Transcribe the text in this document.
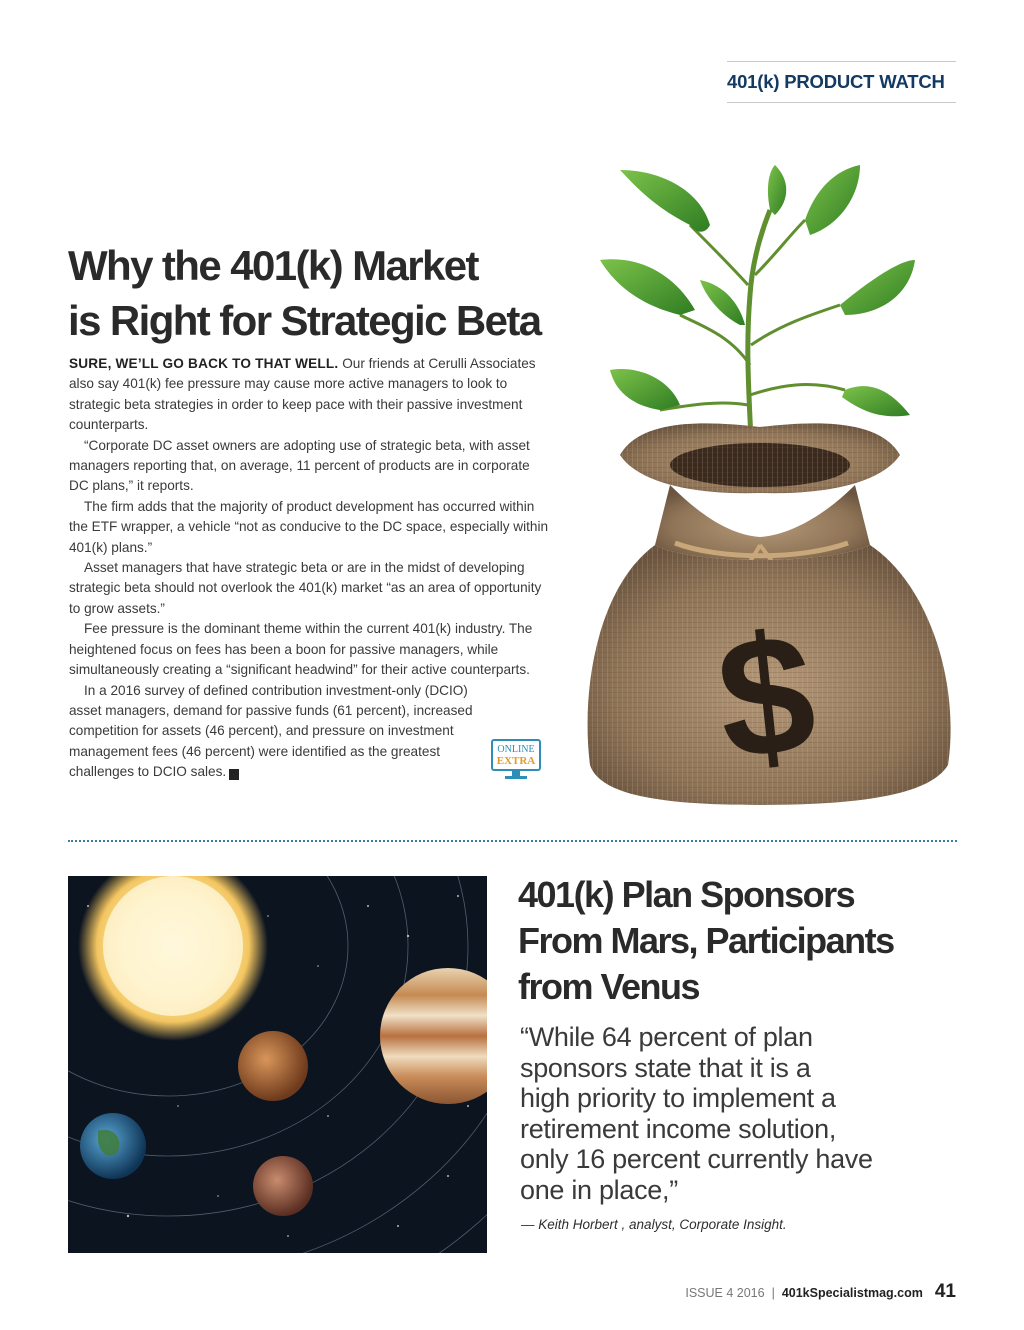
401(k) PRODUCT WATCH
Why the 401(k) Market
is Right for Strategic Beta

SURE, WE’LL GO BACK TO THAT WELL. Our friends at Cerulli Associates also say 401(k) fee pressure may cause more active managers to look to strategic beta strategies in order to keep pace with their passive investment counterparts.

“Corporate DC asset owners are adopting use of strategic beta, with asset managers reporting that, on average, 11 percent of products are in corporate DC plans,” it reports.

The firm adds that the majority of product development has occurred within the ETF wrapper, a vehicle “not as conducive to the DC space, especially within 401(k) plans.”

Asset managers that have strategic beta or are in the midst of developing strategic beta should not overlook the 401(k) market “as an area of opportunity to grow assets.”

Fee pressure is the dominant theme within the current 401(k) industry. The heightened focus on fees has been a boon for passive managers, while simultaneously creating a “significant headwind” for their active counterparts.

In a 2016 survey of defined contribution investment-only (DCIO) asset managers, demand for passive funds (61 percent), increased competition for assets (46 percent), and pressure on investment management fees (46 percent) were identified as the greatest challenges to DCIO sales. K

ONLINE
EXTRA $
401(k) Plan Sponsors
From Mars, Participants
from Venus
“While 64 percent of plan
sponsors state that it is a
high priority to implement a
retirement income solution,
only 16 percent currently have
one in place,”
— Keith Horbert , analyst, Corporate Insight.
ISSUE 4 2016 | 401kSpecialistmag.com 41
